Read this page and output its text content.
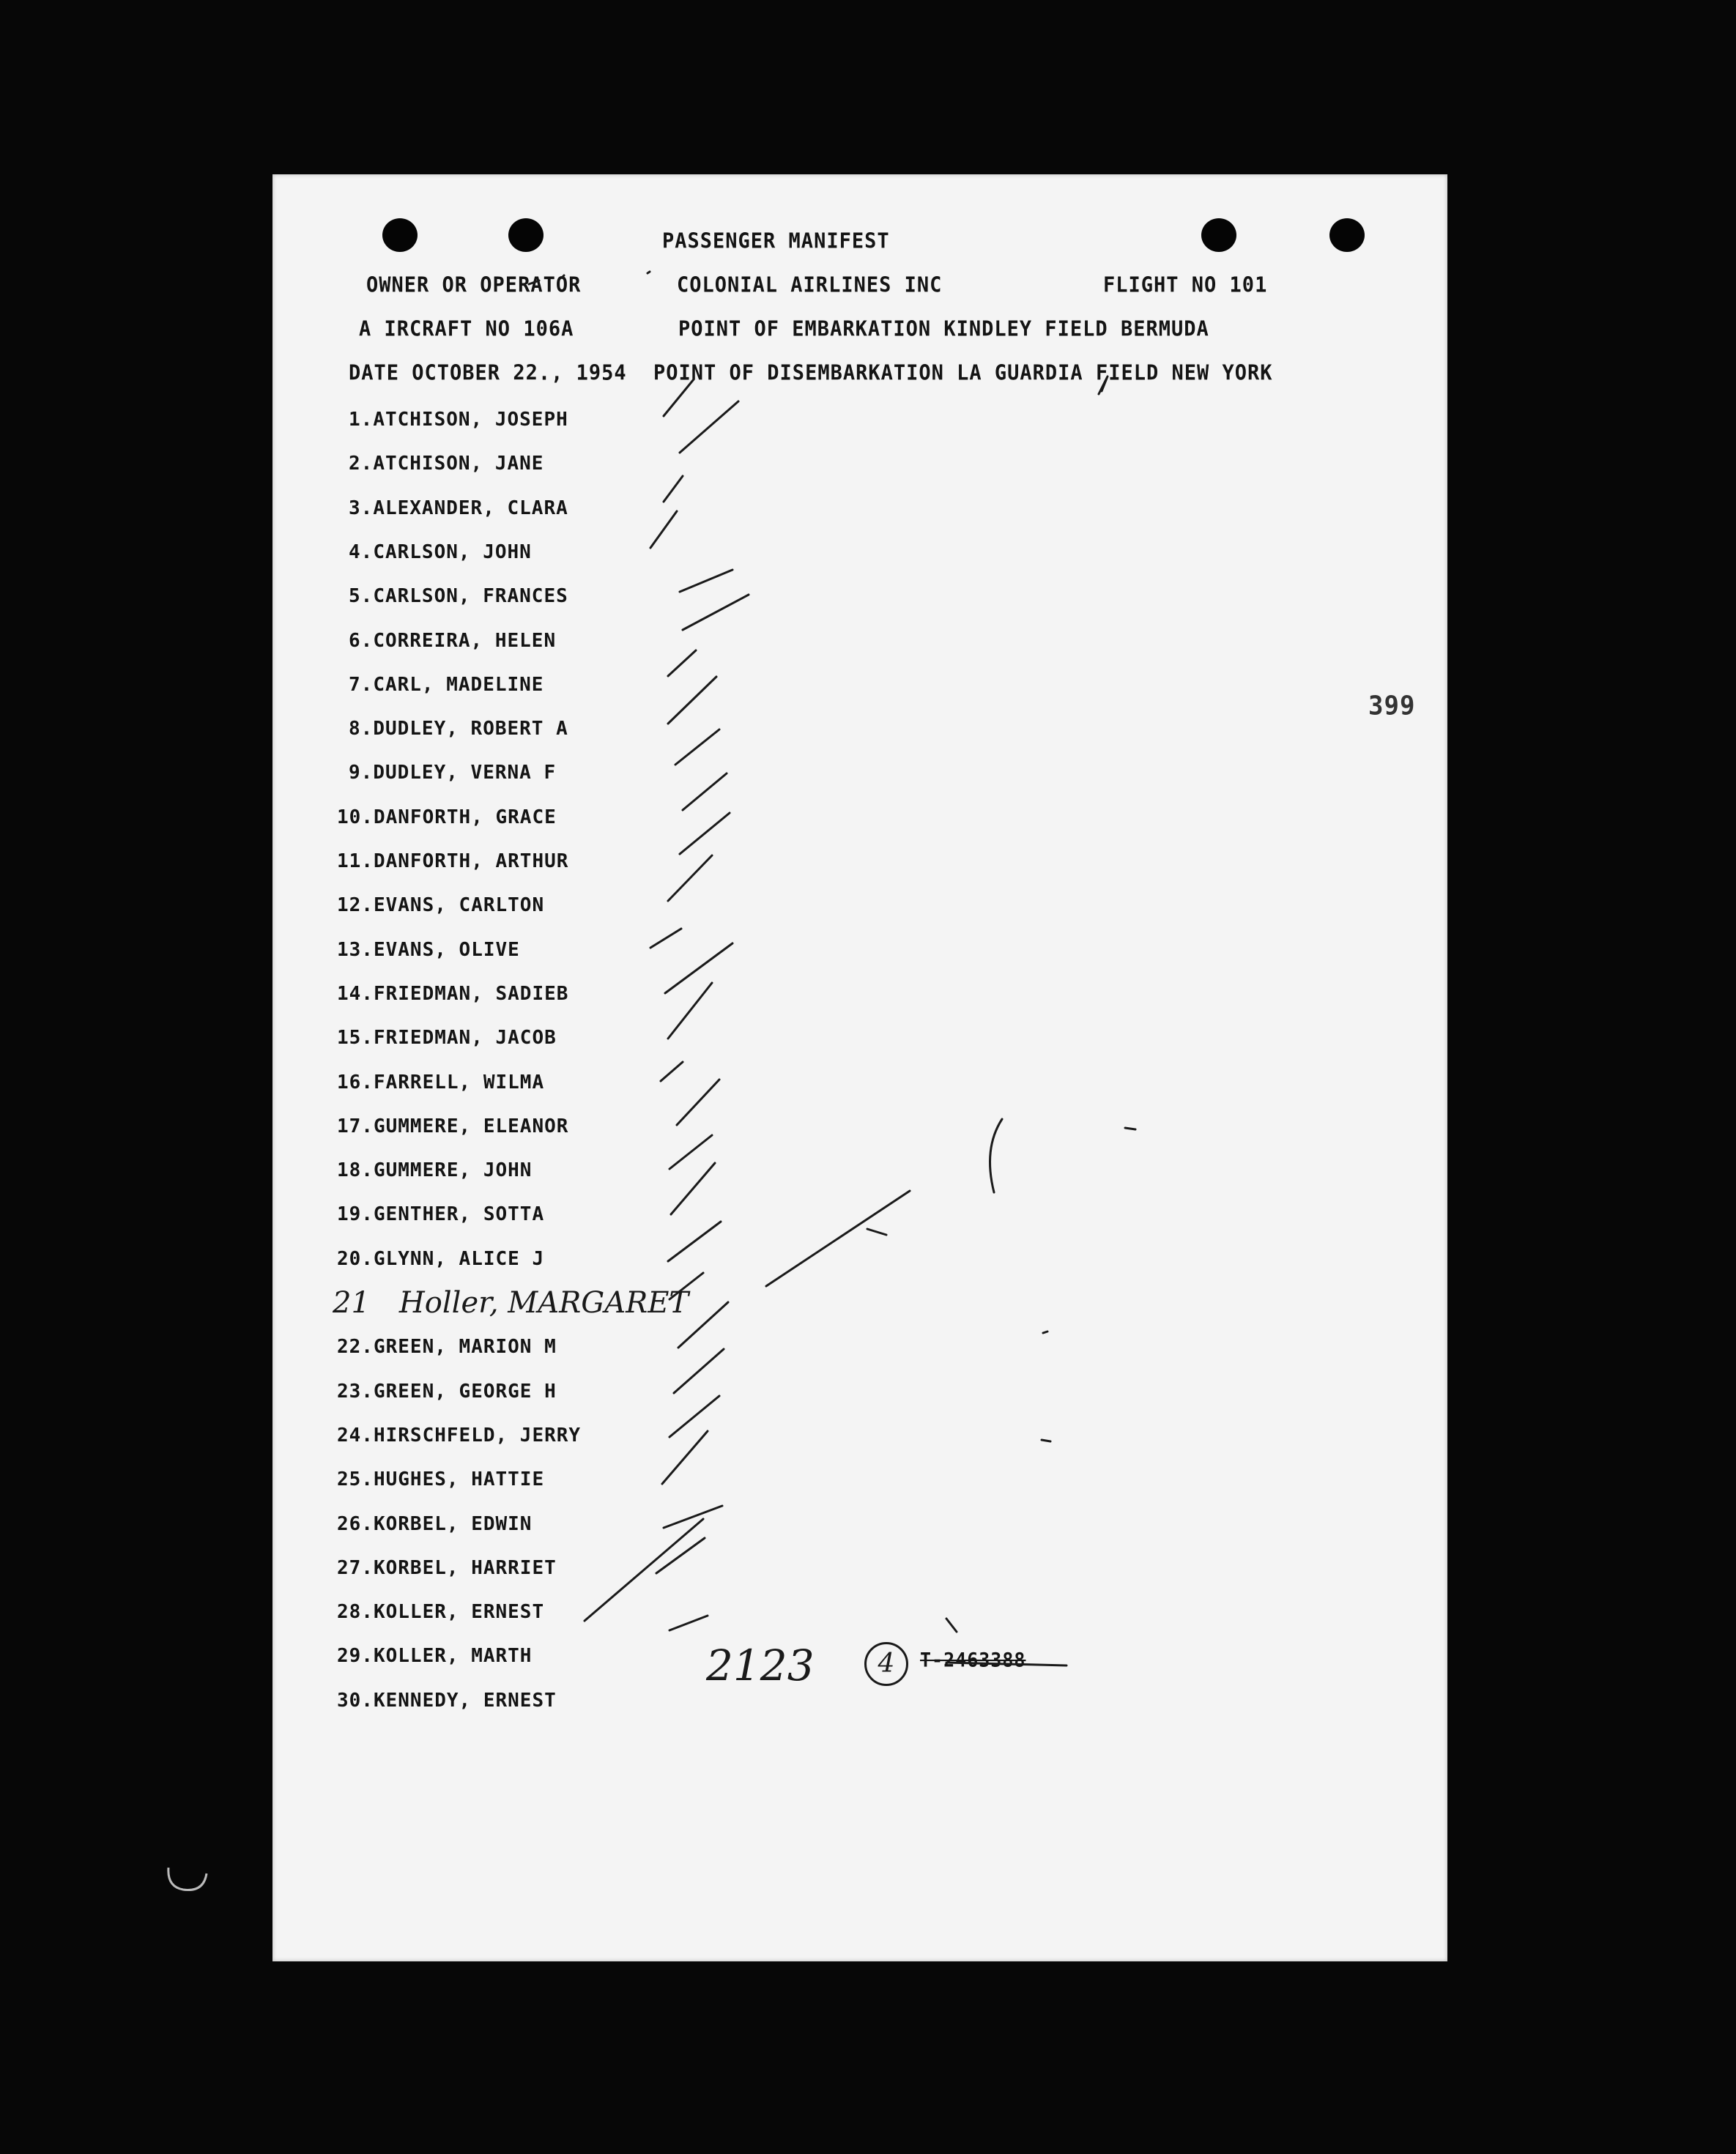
PASSENGER MANIFEST
OWNER OR OPERATOR	COLONIAL AIRLINES INC	FLIGHT NO 101
A IRCRAFT NO 106A	POINT OF EMBARKATION KINDLEY FIELD BERMUDA
DATE OCTOBER 22., 1954 POINT OF DISEMBARKATION LA GUARDIA FIELD NEW YORK
399
1.ATCHISON, JOSEPH
2.ATCHISON, JANE
3.ALEXANDER, CLARA
4.CARLSON, JOHN
5.CARLSON, FRANCES
6.CORREIRA, HELEN
7.CARL, MADELINE
8.DUDLEY, ROBERT A
9.DUDLEY, VERNA F
10.DANFORTH, GRACE
11.DANFORTH, ARTHUR
12.EVANS, CARLTON
13.EVANS, OLIVE
14.FRIEDMAN, SADIEB
15.FRIEDMAN, JACOB
16.FARRELL, WILMA
17.GUMMERE, ELEANOR
18.GUMMERE, JOHN
19.GENTHER, SOTTA
20.GLYNN, ALICE J
21 Holler, MARGARET
22.GREEN, MARION M
23.GREEN, GEORGE H
24.HIRSCHFELD, JERRY
25.HUGHES, HATTIE
26.KORBEL, EDWIN
27.KORBEL, HARRIET
28.KOLLER, ERNEST
29.KOLLER, MARTH
30.KENNEDY, ERNEST
2123	4	T-2463388
